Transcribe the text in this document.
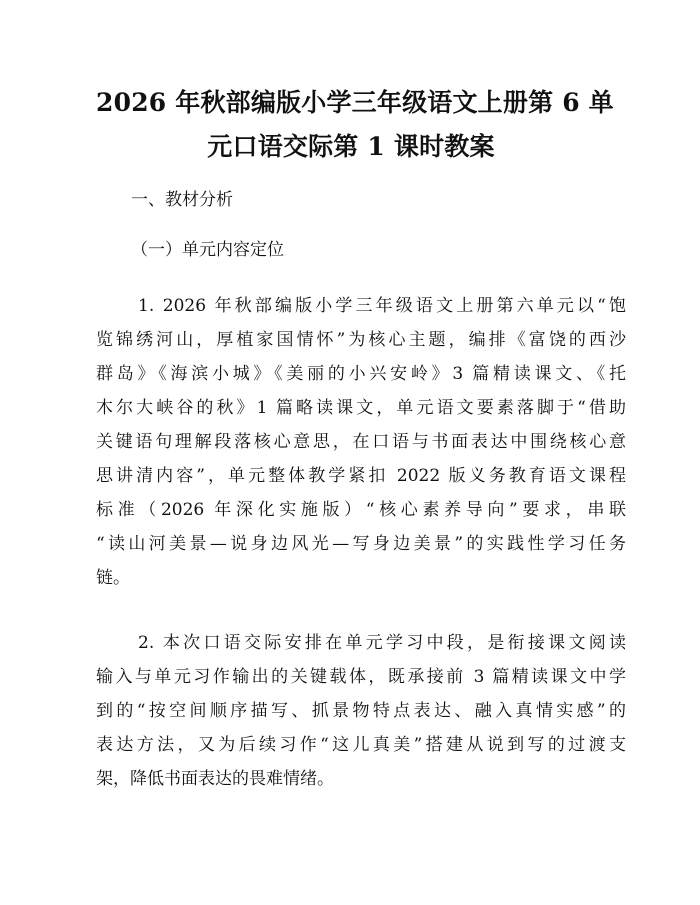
2026 年秋部编版小学三年级语文上册第 6 单
元口语交际第 1 课时教案
一、教材分析
（一）单元内容定位
1. 2026 年秋部编版小学三年级语文上册第六单元以“饱
览锦绣河山，厚植家国情怀”为核心主题，编排《富饶的西沙
群岛》《海滨小城》《美丽的小兴安岭》3 篇精读课文、《托
木尔大峡谷的秋》1 篇略读课文，单元语文要素落脚于“借助
关键语句理解段落核心意思，在口语与书面表达中围绕核心意
思讲清内容”，单元整体教学紧扣 2022 版义务教育语文课程
标准（2026 年深化实施版）“核心素养导向”要求，串联
“读山河美景—说身边风光—写身边美景”的实践性学习任务
链。
2. 本次口语交际安排在单元学习中段，是衔接课文阅读
输入与单元习作输出的关键载体，既承接前 3 篇精读课文中学
到的“按空间顺序描写、抓景物特点表达、融入真情实感”的
表达方法，又为后续习作“这儿真美”搭建从说到写的过渡支
架，降低书面表达的畏难情绪。
